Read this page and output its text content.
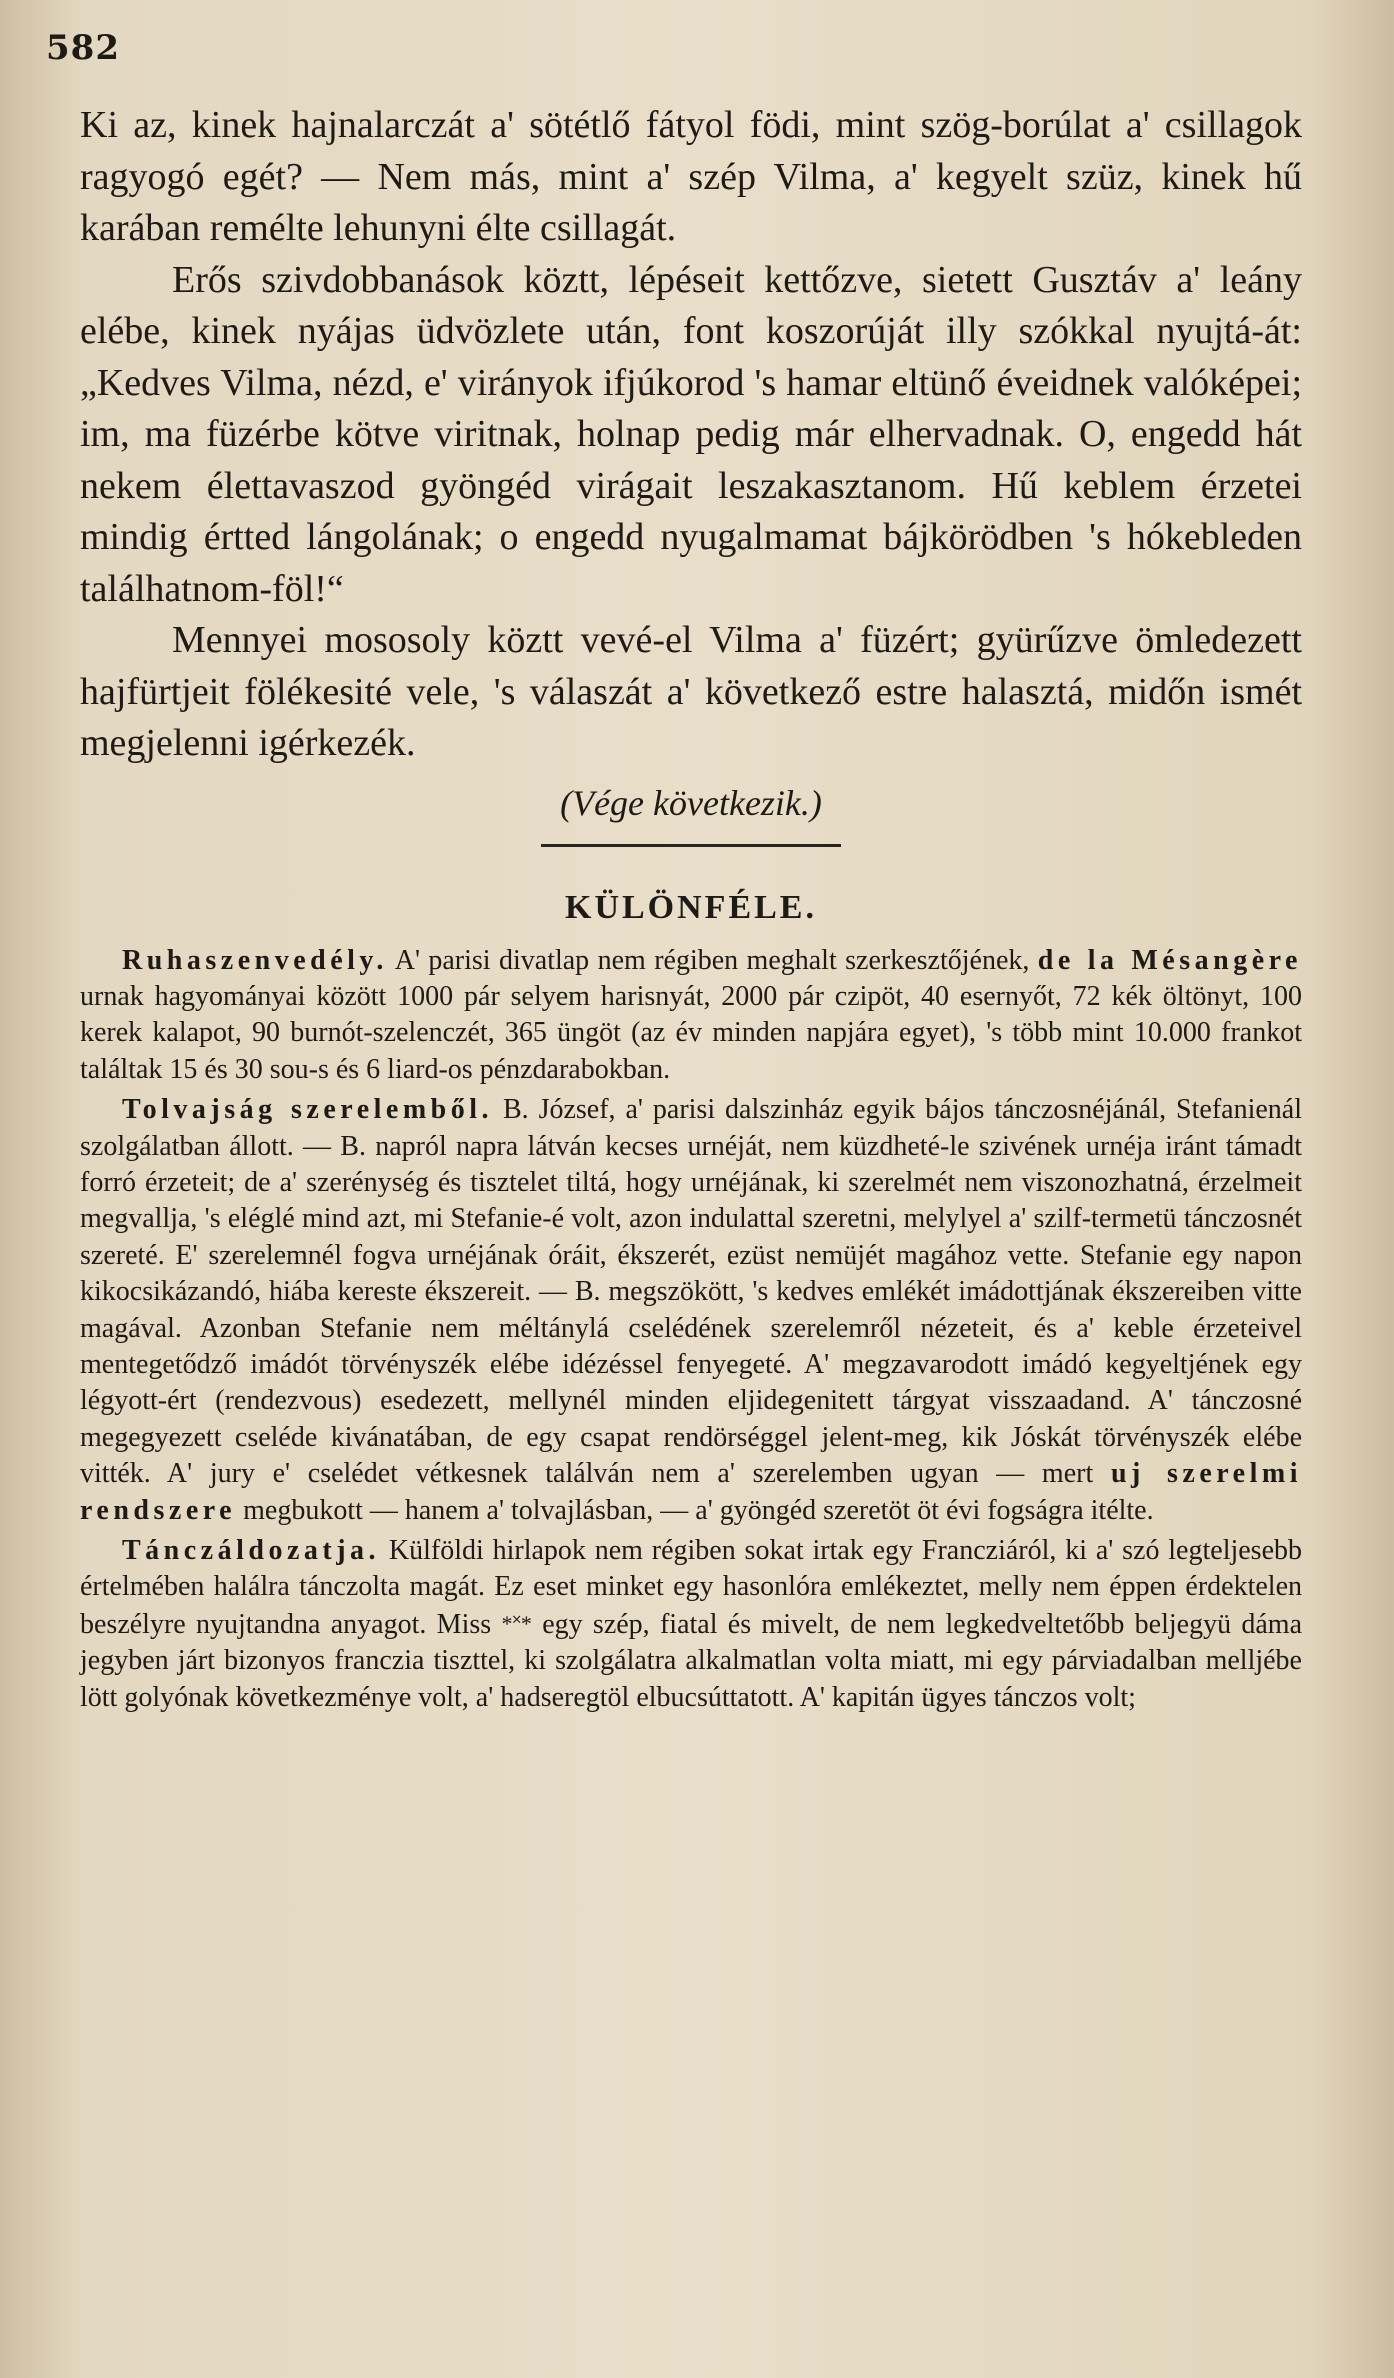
582

Ki az, kinek hajnalarczát a' sötétlő fátyol födi, mint szög-borúlat a' csillagok ragyogó egét? — Nem más, mint a' szép Vilma, a' kegyelt szüz, kinek hű karában remélte lehunyni élte csillagát.

Erős szivdobbanások köztt, lépéseit kettőzve, sietett Gusztáv a' leány elébe, kinek nyájas üdvözlete után, font koszorúját illy szókkal nyujtá-át: „Kedves Vilma, nézd, e' virányok ifjúkorod 's hamar eltünő éveidnek valóképei; im, ma füzérbe kötve viritnak, holnap pedig már elhervadnak. O, engedd hát nekem élettavaszod gyöngéd virágait leszakasztanom. Hű keblem érzetei mindig értted lángolának; o engedd nyugalmamat bájkörödben 's hókebleden találhatnom-föl!“

Mennyei mososoly köztt vevé-el Vilma a' füzért; gyürűzve ömledezett hajfürtjeit fölékesité vele, 's válaszát a' következő estre halasztá, midőn ismét megjelenni igérkezék.

(Vége következik.)
KÜLÖNFÉLE.

Ruhaszenvedély. A' parisi divatlap nem régiben meghalt szerkesztőjének, de la Mésangère urnak hagyományai között 1000 pár selyem harisnyát, 2000 pár czipöt, 40 esernyőt, 72 kék öltönyt, 100 kerek kalapot, 90 burnót-szelenczét, 365 üngöt (az év minden napjára egyet), 's több mint 10.000 frankot találtak 15 és 30 sou-s és 6 liard-os pénzdarabokban.

Tolvajság szerelemből. B. József, a' parisi dalszinház egyik bájos tánczosnéjánál, Stefanienál szolgálatban állott. — B. napról napra látván kecses urnéját, nem küzdheté-le szivének urnéja iránt támadt forró érzeteit; de a' szerénység és tisztelet tiltá, hogy urnéjának, ki szerelmét nem viszonozhatná, érzelmeit megvallja, 's eléglé mind azt, mi Stefanie-é volt, azon indulattal szeretni, melylyel a' szilf-termetü tánczosnét szereté. E' szerelemnél fogva urnéjának óráit, ékszerét, ezüst nemüjét magához vette. Stefanie egy napon kikocsikázandó, hiába kereste ékszereit. — B. megszökött, 's kedves emlékét imádottjának ékszereiben vitte magával. Azonban Stefanie nem méltánylá cselédének szerelemről nézeteit, és a' keble érzeteivel mentegetődző imádót törvényszék elébe idézéssel fenyegeté. A' megzavarodott imádó kegyeltjének egy légyott-ért (rendezvous) esedezett, mellynél minden eljidegenitett tárgyat visszaadand. A' tánczosné megegyezett cseléde kivánatában, de egy csapat rendörséggel jelent-meg, kik Jóskát törvényszék elébe vitték. A' jury e' cselédet vétkesnek találván nem a' szerelemben ugyan — mert uj szerelmi rendszere megbukott — hanem a' tolvajlásban, — a' gyöngéd szeretöt öt évi fogságra itélte.

Tánczáldozatja. Külföldi hirlapok nem régiben sokat irtak egy Francziáról, ki a' szó legteljesebb értelmében halálra tánczolta magát. Ez eset minket egy hasonlóra emlékeztet, melly nem éppen érdektelen beszélyre nyujtandna anyagot. Miss *˟* egy szép, fiatal és mivelt, de nem legkedveltetőbb beljegyü dáma jegyben járt bizonyos franczia tiszttel, ki szolgálatra alkalmatlan volta miatt, mi egy párviadalban melljébe lött golyónak következménye volt, a' hadseregtöl elbucsúttatott. A' kapitán ügyes tánczos volt;
